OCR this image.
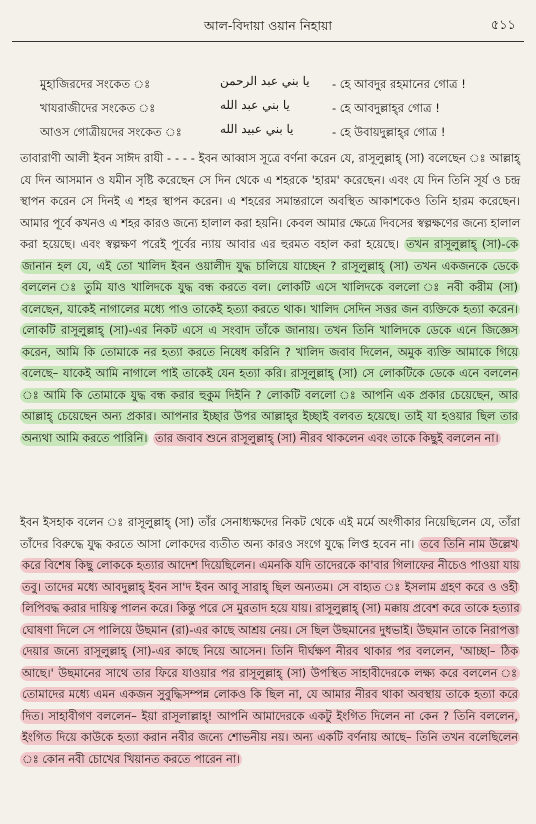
আল-বিদায়া ওয়ান নিহায়া	৫১১
মুহাজিরদের সংকেত ঃ	يا بني عبد الرحمن - হে আবদুর রহমানের গোত্র !
খাযরাজীদের সংকেত ঃ	يا بني عبد الله	- হে আবদুল্লাহ্‌র গোত্র !
আওস গোত্রীয়দের সংকেত ঃ	يا بني عبيد الله	- হে উবায়দুল্লাহ্‌র গোত্র !
তাবারাণী আলী ইবন সাঈদ রাযী - - - - ইবন আব্বাস সূত্রে বর্ণনা করেন যে, রাসূলুল্লাহ্‌ (সা) বলেছেন ঃ আল্লাহ্‌ যে দিন আসমান ও যমীন সৃষ্টি করেছেন সে দিন থেকে এ শহরকে 'হারম' করেছেন। এবং যে দিন তিনি সূর্য ও চন্দ্র স্থাপন করেন সে দিনই এ শহর স্থাপন করেন। এ শহরের সমান্তরালে অবস্থিত আকাশকেও তিনি হারম করেছেন। আমার পূর্বে কখনও এ শহর কারও জন্যে হালাল করা হয়নি। কেবল আমার ক্ষেত্রে দিবসের স্বল্পক্ষণের জন্যে হালাল করা হয়েছে। এবং স্বল্পক্ষণ পরেই পূর্বের ন্যায় আবার এর হুরমত বহাল করা হয়েছে। তখন রাসূলুল্লাহ্‌ (সা)-কে জানান হল যে, এই তো খালিদ ইবন ওয়ালীদ যুদ্ধ চালিয়ে যাচ্ছেন ? রাসূলুল্লাহ্‌ (সা) তখন একজনকে ডেকে বললেন ঃ তুমি যাও খালিদকে যুদ্ধ বন্ধ করতে বল। লোকটি এসে খালিদকে বললো ঃ নবী করীম (সা) বলেছেন, যাকেই নাগালের মধ্যে পাও তাকেই হত্যা করতে থাক। খালিদ সেদিন সত্তর জন ব্যক্তিকে হত্যা করেন। লোকটি রাসূলুল্লাহ্‌ (সা)-এর নিকট এসে এ সংবাদ তাঁকে জানায়। তখন তিনি খালিদকে ডেকে এনে জিজ্ঞেস করেন, আমি কি তোমাকে নর হত্যা করতে নিষেধ করিনি ? খালিদ জবাব দিলেন, অমুক ব্যক্তি আমাকে গিয়ে বলেছে– যাকেই আমি নাগালে পাই তাকেই যেন হত্যা করি। রাসূলুল্লাহ্‌ (সা) সে লোকটিকে ডেকে এনে বললেন ঃ আমি কি তোমাকে যুদ্ধ বন্ধ করার হুকুম দিইনি ? লোকটি বললো ঃ আপনি এক প্রকার চেয়েছেন, আর আল্লাহ্‌ চেয়েছেন অন্য প্রকার। আপনার ইচ্ছার উপর আল্লাহ্‌র ইচ্ছাই বলবত হয়েছে। তাই যা হওয়ার ছিল তার অন্যথা আমি করতে পারিনি। তার জবাব শুনে রাসূলুল্লাহ্‌ (সা) নীরব থাকলেন এবং তাকে কিছুই বললেন না।
ইবন ইসহাক বলেন ঃ রাসূলুল্লাহ্‌ (সা) তাঁর সেনাধ্যক্ষদের নিকট থেকে এই মর্মে অংগীকার নিয়েছিলেন যে, তাঁরা তাঁদের বিরুদ্ধে যুদ্ধ করতে আসা লোকদের ব্যতীত অন্য কারও সংগে যুদ্ধে লিপ্ত হবেন না। তবে তিনি নাম উল্লেখ করে বিশেষ কিছু লোককে হত্যার আদেশ দিয়েছিলেন। এমনকি যদি তাদেরকে কা'বার গিলাফের নীচেও পাওয়া যায় তবু। তাদের মধ্যে আবদুল্লাহ্‌ ইবন সা'দ ইবন আবূ সারাহ্‌ ছিল অন্যতম। সে বাহ্যত ঃ ইসলাম গ্রহণ করে ও ওহী লিপিবদ্ধ করার দায়িত্ব পালন করে। কিন্তু পরে সে মুরতাদ হয়ে যায়। রাসূলুল্লাহ্‌ (সা) মক্কায় প্রবেশ করে তাকে হত্যার ঘোষণা দিলে সে পালিয়ে উছমান (রা)-এর কাছে আশ্রয় নেয়। সে ছিল উছমানের দুধভাই। উছমান তাকে নিরাপত্তা দেয়ার জন্যে রাসূলুল্লাহ্‌ (সা)-এর কাছে নিয়ে আসেন। তিনি দীর্ঘক্ষণ নীরব থাকার পর বললেন, 'আচ্ছা– ঠিক আছে।' উছমানের সাথে তার ফিরে যাওয়ার পর রাসূলুল্লাহ্‌ (সা) উপস্থিত সাহাবীদেরকে লক্ষ্য করে বললেন ঃ তোমাদের মধ্যে এমন একজন সুবুদ্ধিসম্পন্ন লোকও কি ছিল না, যে আমার নীরব থাকা অবস্থায় তাকে হত্যা করে দিত। সাহাবীগণ বললেন– ইয়া রাসূলাল্লাহ্‌! আপনি আমাদেরকে একটু ইংগিত দিলেন না কেন ? তিনি বললেন, ইংগিত দিয়ে কাউকে হত্যা করান নবীর জন্যে শোভনীয় নয়। অন্য একটি বর্ণনায় আছে– তিনি তখন বলেছিলেন ঃ কোন নবী চোখের খিয়ানত করতে পারেন না।
